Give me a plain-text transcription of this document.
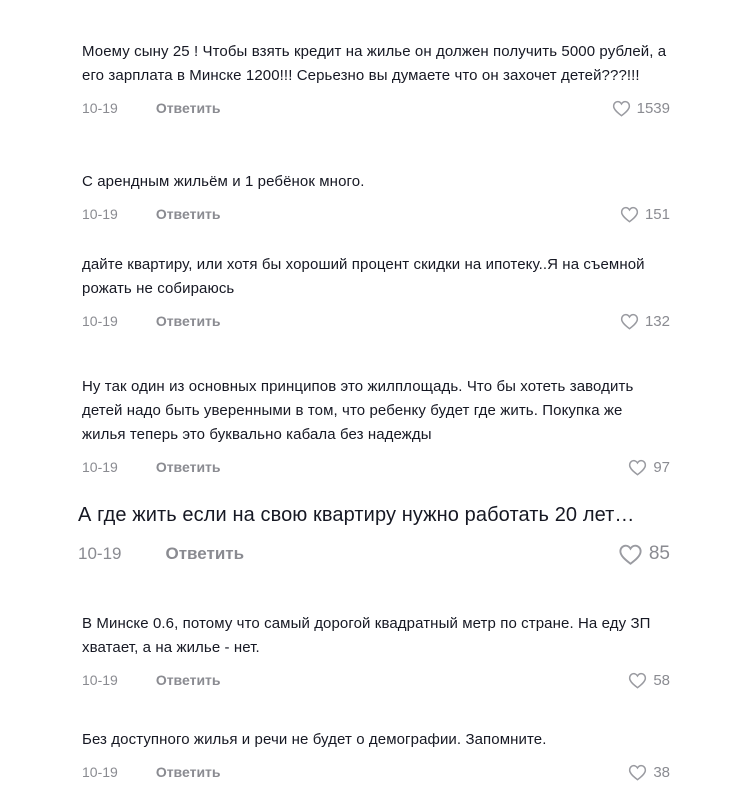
Моему сыну 25 ! Чтобы взять кредит на жилье он должен получить 5000 рублей, а его зарплата в Минске 1200!!! Серьезно вы думаете что он захочет детей???!!!
10-19	Ответить	1539
С арендным жильём и 1 ребёнок много.
10-19	Ответить	151
дайте квартиру, или хотя бы хороший процент скидки на ипотеку..Я на съемной рожать не собираюсь
10-19	Ответить	132
Ну так один из основных принципов это жилплощадь. Что бы хотеть заводить детей надо быть уверенными в том, что ребенку будет где жить. Покупка же жилья теперь это буквально кабала без надежды
10-19	Ответить	97
А где жить если на свою квартиру нужно работать 20 лет…
10-19	Ответить	85
В Минске 0.6, потому что самый дорогой квадратный метр по стране. На еду ЗП хватает, а на жилье - нет.
10-19	Ответить	58
Без доступного жилья и речи не будет о демографии. Запомните.
10-19	Ответить	38
